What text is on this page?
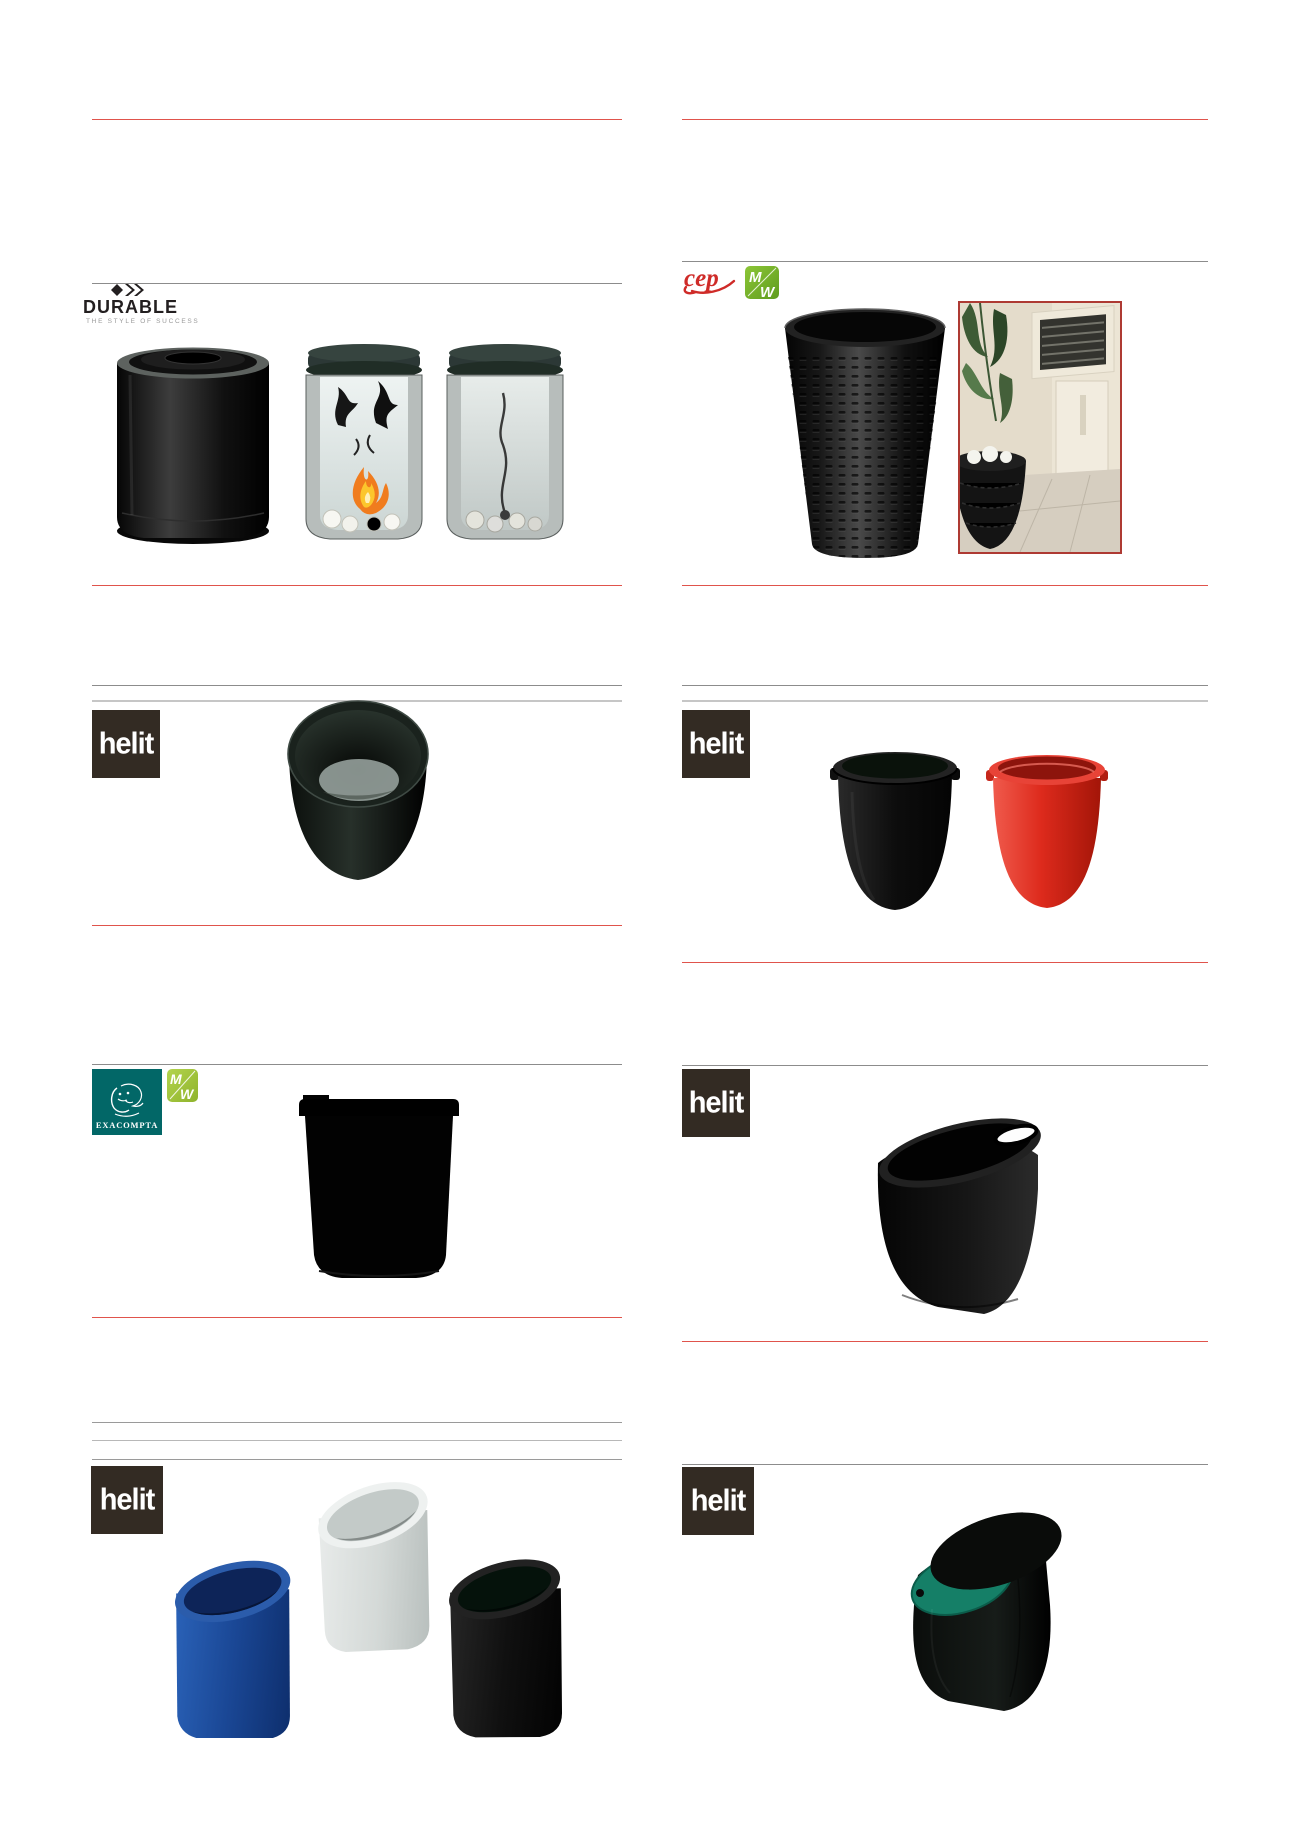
DURABLE
THE STYLE OF SUCCESS
cep M
W
helit	helit
helit
helit	helit
EXACOMPTA
M
W
